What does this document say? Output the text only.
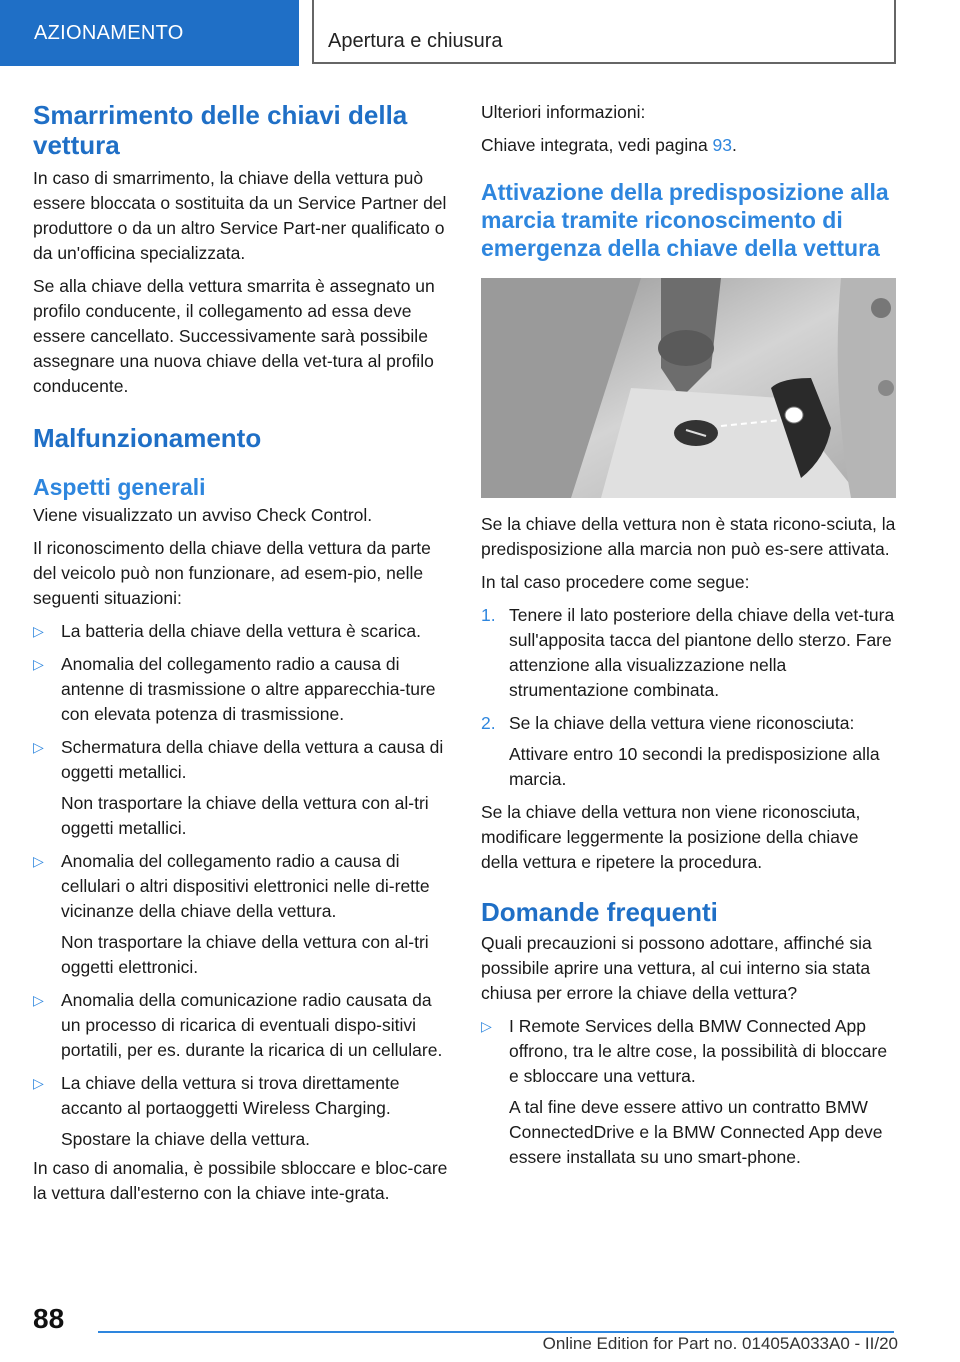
AZIONAMENTO	Apertura e chiusura
Smarrimento delle chiavi della vettura

In caso di smarrimento, la chiave della vettura può essere bloccata o sostituita da un Service Partner del produttore o da un altro Service Part-ner qualificato o da un'officina specializzata.

Se alla chiave della vettura smarrita è assegnato un profilo conducente, il collegamento ad essa deve essere cancellato. Successivamente sarà possibile assegnare una nuova chiave della vet-tura al profilo conducente.

Malfunzionamento
Aspetti generali

Viene visualizzato un avviso Check Control.

Il riconoscimento della chiave della vettura da parte del veicolo può non funzionare, ad esem-pio, nelle seguenti situazioni:

▷ La batteria della chiave della vettura è scarica.
▷ Anomalia del collegamento radio a causa di antenne di trasmissione o altre apparecchia-ture con elevata potenza di trasmissione.
▷ Schermatura della chiave della vettura a causa di oggetti metallici.
Non trasportare la chiave della vettura con al-tri oggetti metallici.
▷ Anomalia del collegamento radio a causa di cellulari o altri dispositivi elettronici nelle di-rette vicinanze della chiave della vettura.
Non trasportare la chiave della vettura con al-tri oggetti elettronici.
▷ Anomalia della comunicazione radio causata da un processo di ricarica di eventuali dispo-sitivi portatili, per es. durante la ricarica di un cellulare.
▷ La chiave della vettura si trova direttamente accanto al portaoggetti Wireless Charging.
Spostare la chiave della vettura.

In caso di anomalia, è possibile sbloccare e bloc-care la vettura dall'esterno con la chiave inte-grata.

Ulteriori informazioni:

Chiave integrata, vedi pagina 93.

Attivazione della predisposizione alla marcia tramite riconoscimento di emergenza della chiave della vettura

Se la chiave della vettura non è stata ricono-sciuta, la predisposizione alla marcia non può es-sere attivata.

In tal caso procedere come segue:

1. Tenere il lato posteriore della chiave della vet-tura sull'apposita tacca del piantone dello sterzo. Fare attenzione alla visualizzazione nella strumentazione combinata.
2. Se la chiave della vettura viene riconosciuta:
Attivare entro 10 secondi la predisposizione alla marcia.

Se la chiave della vettura non viene riconosciuta, modificare leggermente la posizione della chiave della vettura e ripetere la procedura.

Domande frequenti

Quali precauzioni si possono adottare, affinché sia possibile aprire una vettura, al cui interno sia stata chiusa per errore la chiave della vettura?

▷ I Remote Services della BMW Connected App offrono, tra le altre cose, la possibilità di bloccare e sbloccare una vettura.
A tal fine deve essere attivo un contratto BMW ConnectedDrive e la BMW Connected App deve essere installata su uno smart-phone.
88
Online Edition for Part no. 01405A033A0 - II/20
